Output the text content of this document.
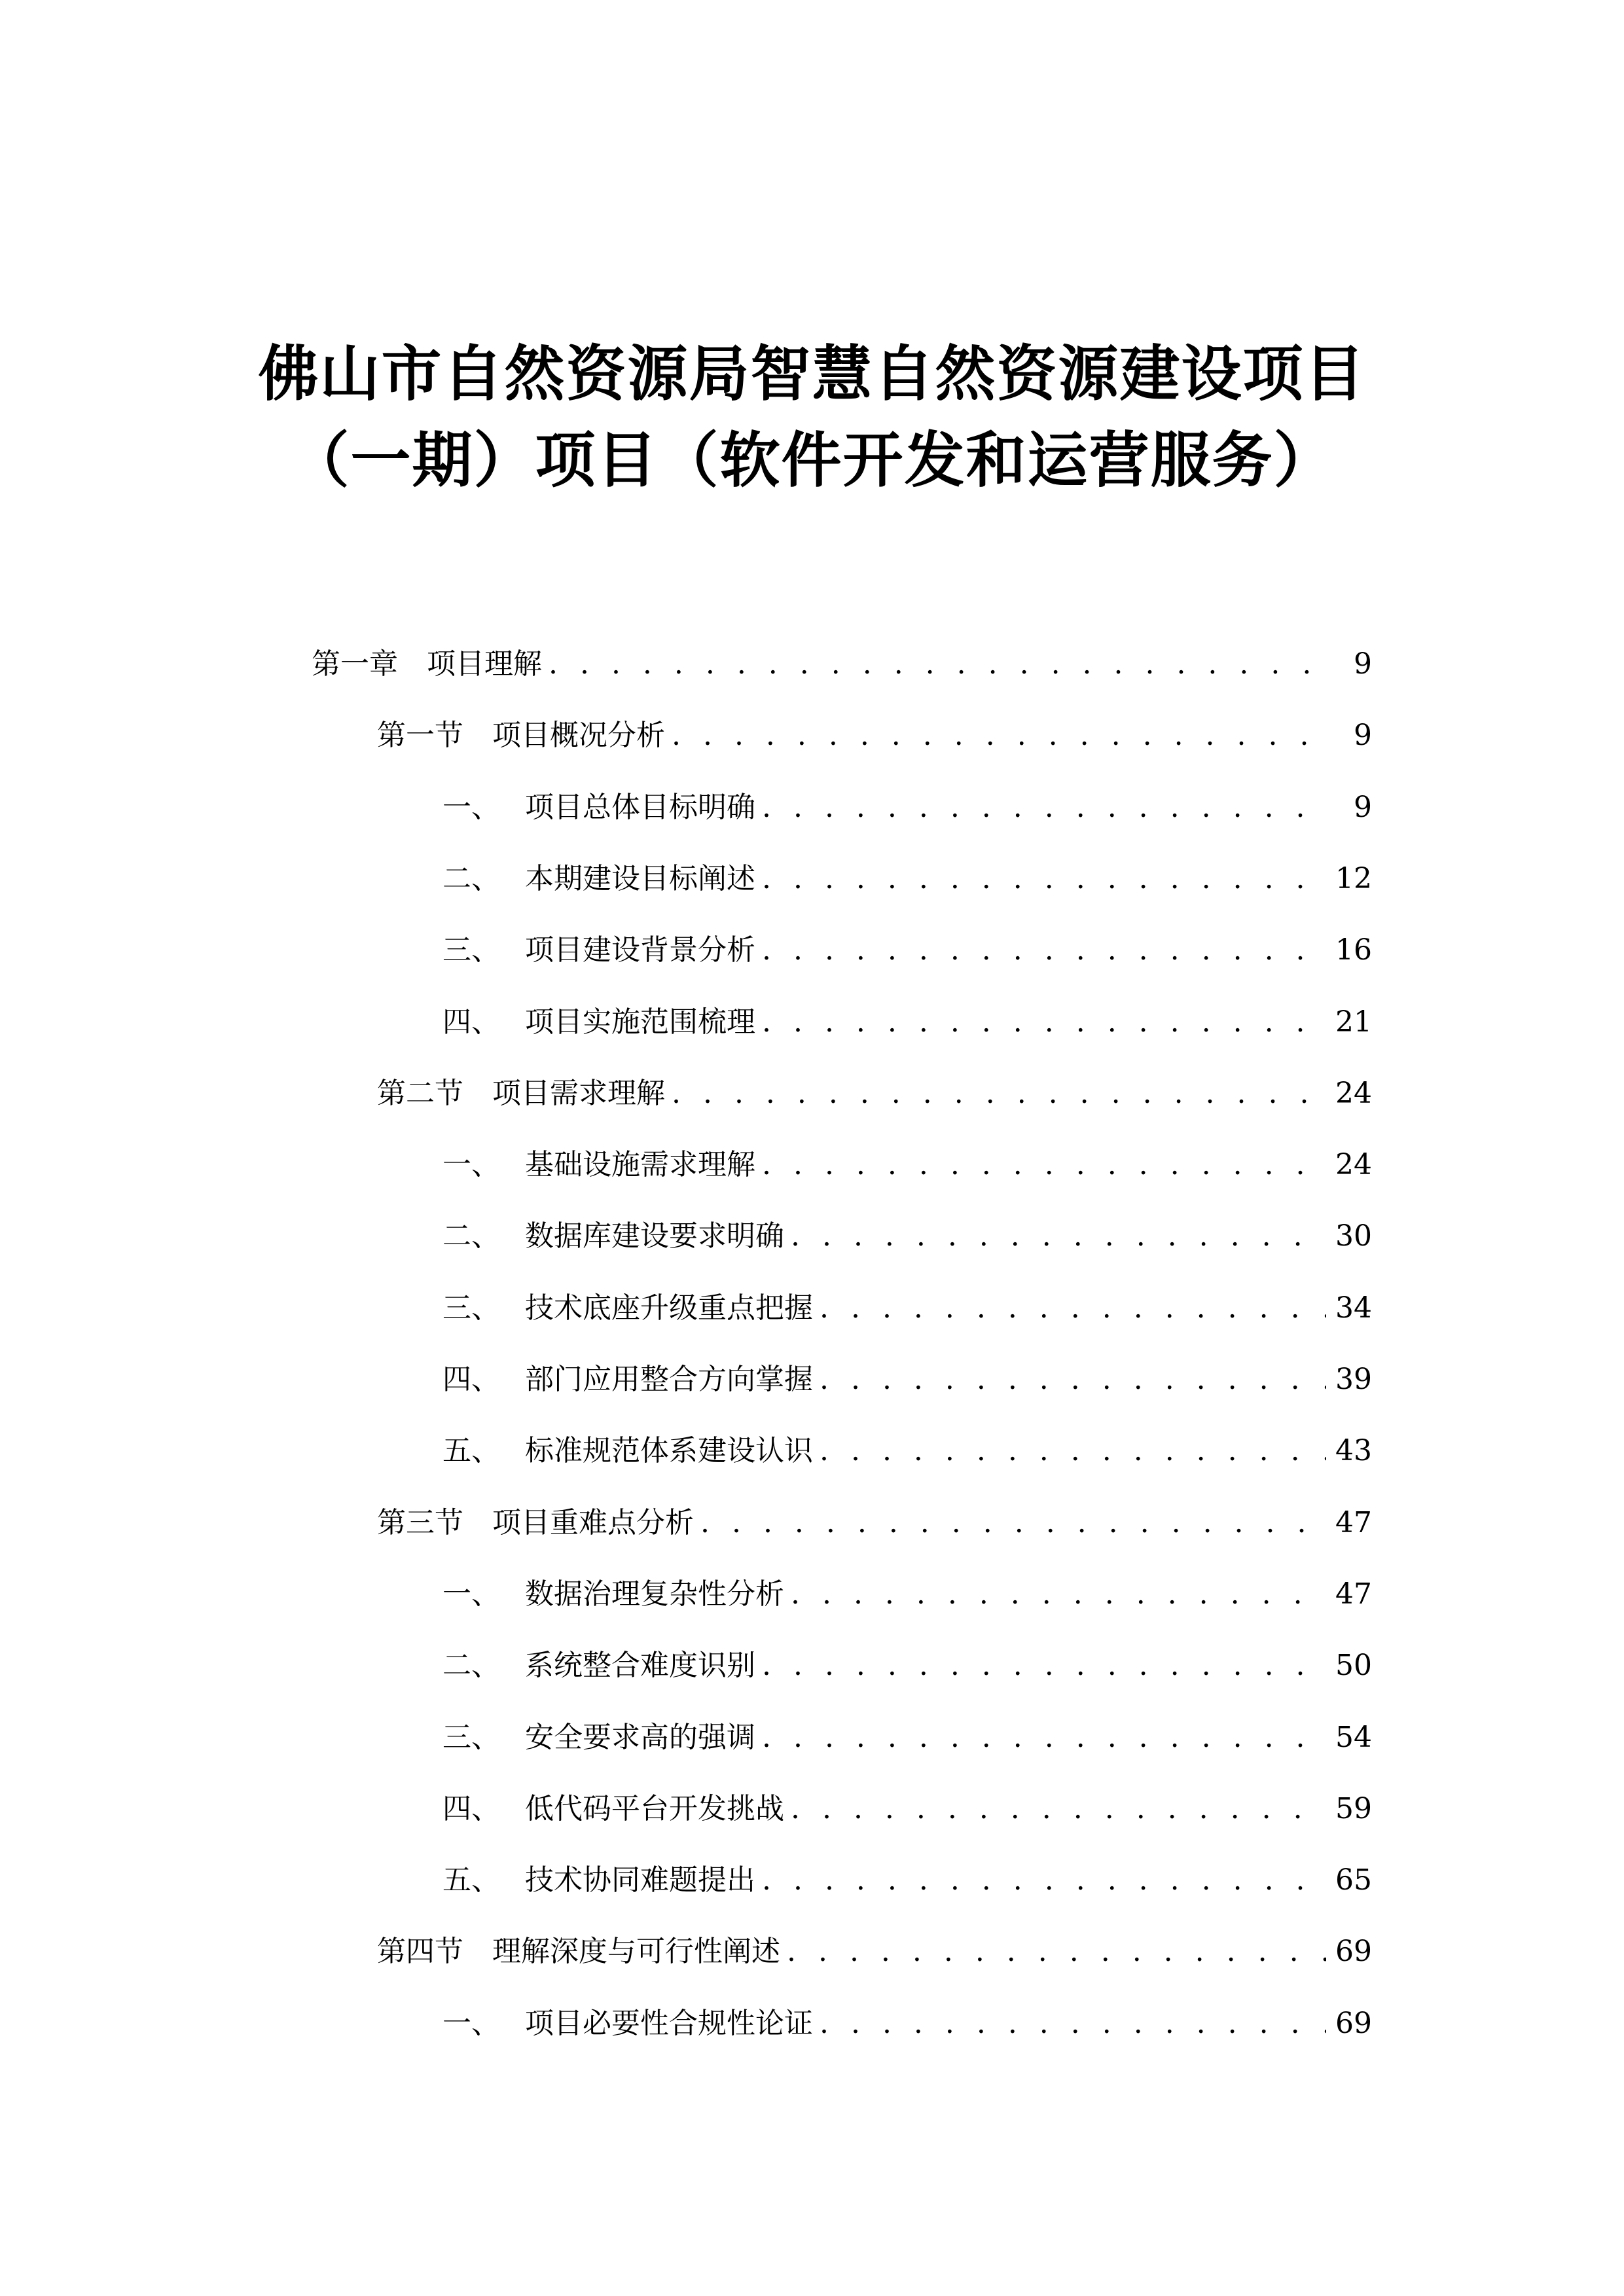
佛山市自然资源局智慧自然资源建设项目
（一期）项目（软件开发和运营服务）
第一章	项目理解 . . .	9
第一节	项目概况分析 . . .	9
一、 项目总体目标明确 . . .	9
二、 本期建设目标阐述 . . .	12
三、 项目建设背景分析 . . .	16
四、 项目实施范围梳理 . . .	21
第二节	项目需求理解 . . .	24
一、 基础设施需求理解 . . .	24
二、 数据库建设要求明确 . . .	30
三、 技术底座升级重点把握 . . .	34
四、 部门应用整合方向掌握 . . .	39
五、 标准规范体系建设认识 . . .	43
第三节	项目重难点分析 . . .	47
一、 数据治理复杂性分析 . . .	47
二、 系统整合难度识别 . . .	50
三、 安全要求高的强调 . . .	54
四、 低代码平台开发挑战 . . .	59
五、 技术协同难题提出 . . .	65
第四节	理解深度与可行性阐述 . . .	69
一、 项目必要性合规性论证 . . .	69
